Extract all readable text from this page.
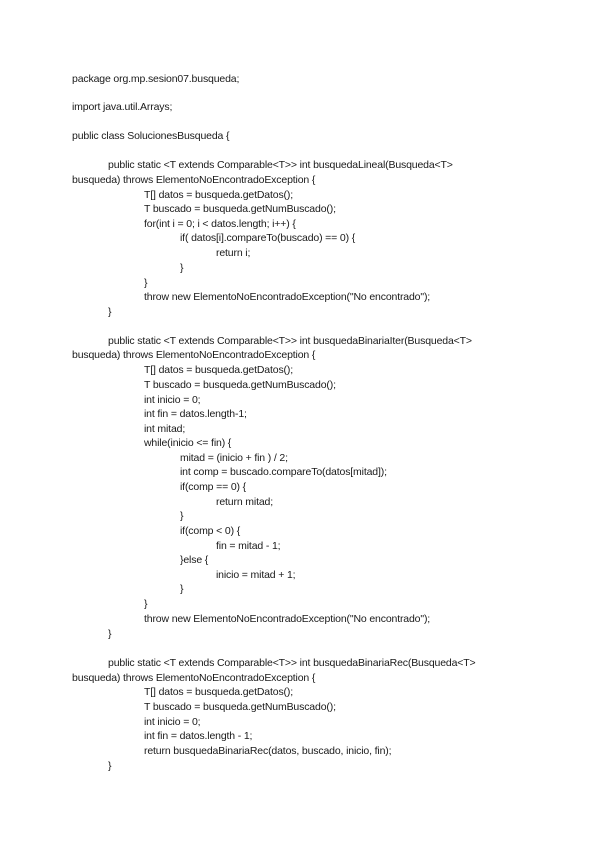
package org.mp.sesion07.busqueda;
import java.util.Arrays;
public class SolucionesBusqueda {
public static <T extends Comparable<T>> int busquedaLineal(Busqueda<T>
busqueda) throws ElementoNoEncontradoException {
T[] datos = busqueda.getDatos();
T buscado = busqueda.getNumBuscado();
for(int i = 0; i < datos.length; i++) {
if( datos[i].compareTo(buscado) == 0) {
return i;
}
}
throw new ElementoNoEncontradoException("No encontrado");
}
public static <T extends Comparable<T>> int busquedaBinariaIter(Busqueda<T>
busqueda) throws ElementoNoEncontradoException {
T[] datos = busqueda.getDatos();
T buscado = busqueda.getNumBuscado();
int inicio = 0;
int fin = datos.length-1;
int mitad;
while(inicio <= fin) {
mitad = (inicio + fin ) / 2;
int comp = buscado.compareTo(datos[mitad]);
if(comp == 0) {
return mitad;
}
if(comp < 0) {
fin = mitad - 1;
}else {
inicio = mitad + 1;
}
}
throw new ElementoNoEncontradoException("No encontrado");
}
public static <T extends Comparable<T>> int busquedaBinariaRec(Busqueda<T>
busqueda) throws ElementoNoEncontradoException {
T[] datos = busqueda.getDatos();
T buscado = busqueda.getNumBuscado();
int inicio = 0;
int fin = datos.length - 1;
return busquedaBinariaRec(datos, buscado, inicio, fin);
}
